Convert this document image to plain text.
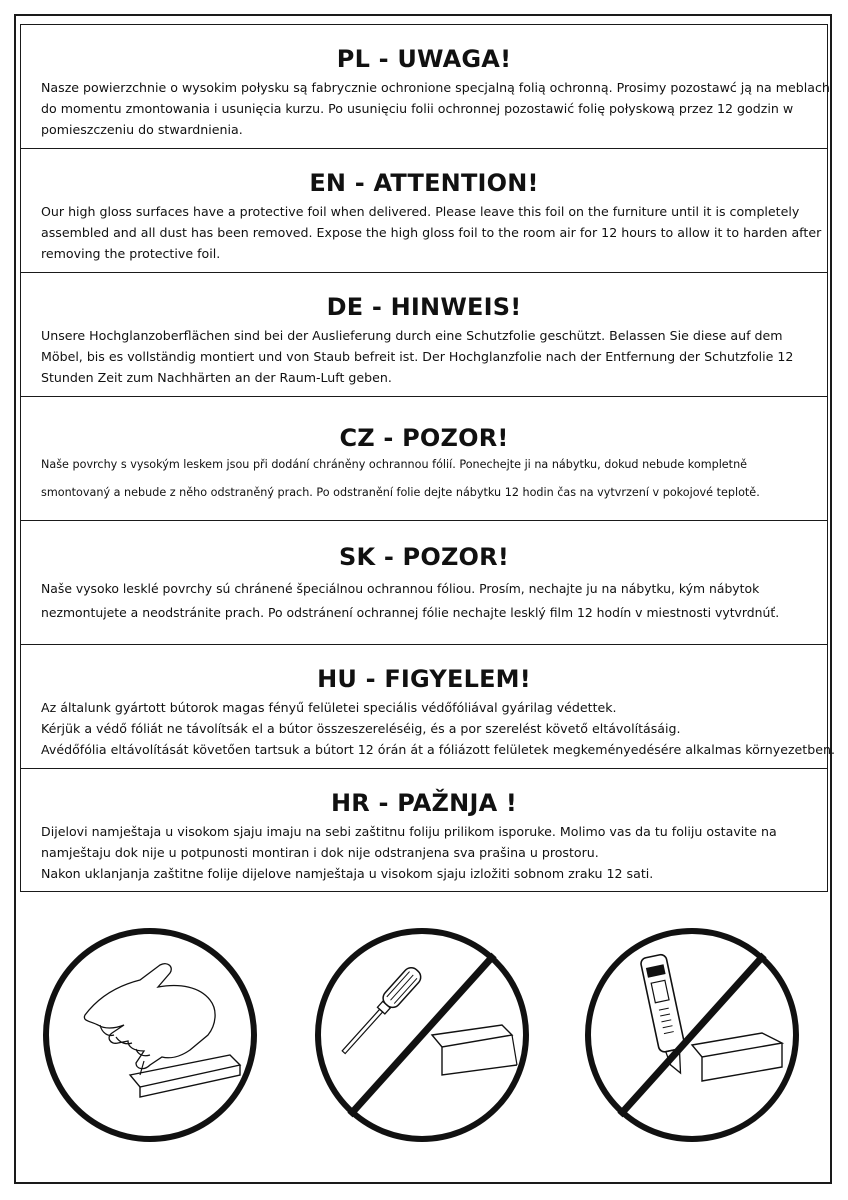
PL - UWAGA!
Nasze powierzchnie o wysokim połysku są fabrycznie ochronione specjalną folią ochronną. Prosimy pozostawć ją na meblach
do momentu zmontowania i usunięcia kurzu. Po usunięciu folii ochronnej pozostawić folię połyskową przez 12 godzin w
pomieszczeniu do stwardnienia.
EN - ATTENTION!
Our high gloss surfaces have a protective foil when delivered. Please leave this foil on the furniture until it is completely
assembled and all dust has been removed. Expose the high gloss foil to the room air for 12 hours to allow it to harden after
removing the protective foil.
DE - HINWEIS!
Unsere Hochglanzoberflächen sind bei der Auslieferung durch eine Schutzfolie geschützt. Belassen Sie diese auf dem
Möbel, bis es vollständig montiert und von Staub befreit ist. Der Hochglanzfolie nach der Entfernung der Schutzfolie 12
Stunden Zeit zum Nachhärten an der Raum-Luft geben.
CZ - POZOR!
Naše povrchy s vysokým leskem jsou při dodání chráněny ochrannou fólií. Ponechejte ji na nábytku, dokud nebude kompletně
smontovaný a nebude z něho odstraněný prach. Po odstranění folie dejte nábytku 12 hodin čas na vytvrzení v pokojové teplotě.
SK - POZOR!
Naše vysoko lesklé povrchy sú chránené špeciálnou ochrannou fóliou. Prosím, nechajte ju na nábytku, kým nábytok
nezmontujete a neodstránite prach. Po odstránení ochrannej fólie nechajte lesklý film 12 hodín v miestnosti vytvrdnúť.
HU - FIGYELEM!
Az általunk gyártott bútorok magas fényű felületei speciális védőfóliával gyárilag védettek.
Kérjük a védő fóliát ne távolítsák el a bútor összeszereléséig, és a por szerelést követő eltávolításáig.
Avédőfólia eltávolítását követően tartsuk a bútort 12 órán át a fóliázott felületek megkeményedésére alkalmas környezetben.
HR - PAŽNJA !
Dijelovi namještaja u visokom sjaju imaju na sebi zaštitnu foliju prilikom isporuke. Molimo vas da tu foliju ostavite na
namještaju dok nije u potpunosti montiran i dok nije odstranjena sva prašina u prostoru.
Nakon uklanjanja zaštitne folije dijelove namještaja u visokom sjaju izložiti sobnom zraku 12 sati.
